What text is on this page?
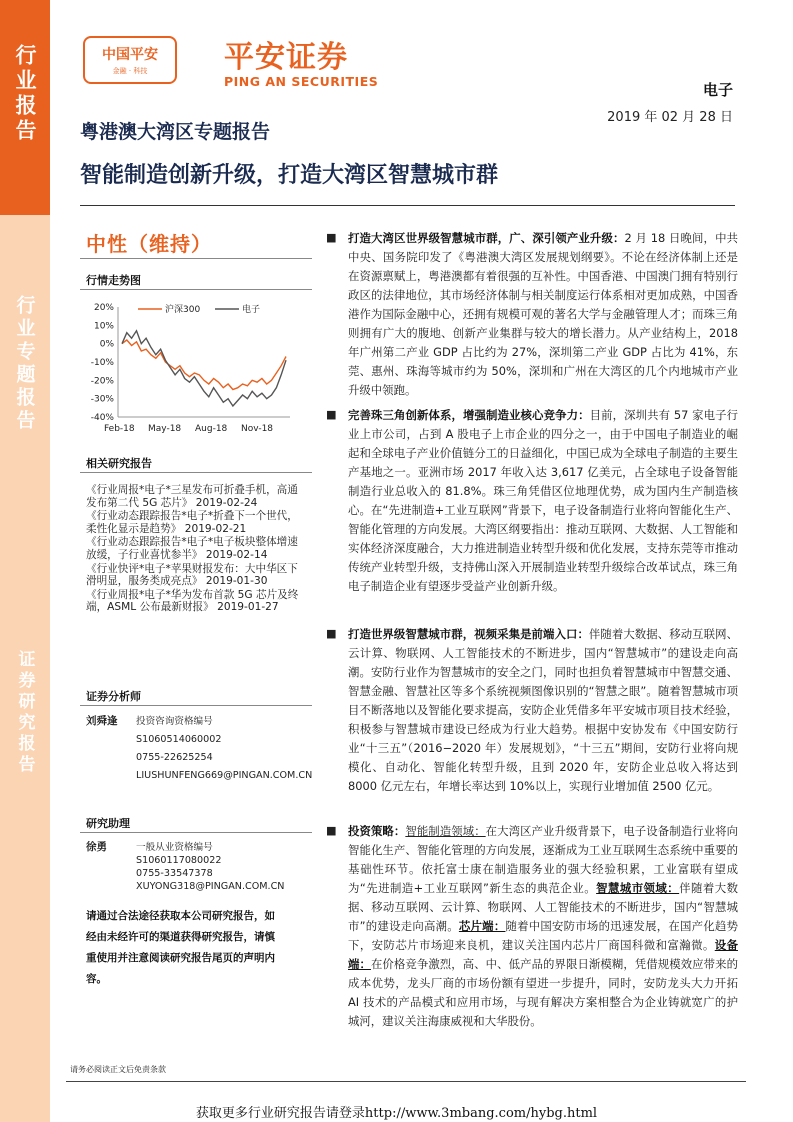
行业报告
行业专题报告
证券研究报告
中国平安
金融 · 科技	平安证券
PING AN SECURITIES	电子
2019 年 02 月 28 日
粤港澳大湾区专题报告
智能制造创新升级，打造大湾区智慧城市群
中性（维持）
行情走势图
20%
10%
0%
-10%
-20%
-30%
-40%
Feb-18 May-18 Aug-18 Nov-18
沪深300	电子
相关研究报告
《行业周报*电子*三星发布可折叠手机，高通发布第二代 5G 芯片》 2019-02-24
《行业动态跟踪报告*电子*折叠下一个世代，柔性化显示是趋势》 2019-02-21
《行业动态跟踪报告*电子*电子板块整体增速放缓，子行业喜忧参半》 2019-02-14
《行业快评*电子*苹果财报发布：大中华区下滑明显，服务类成亮点》 2019-01-30
《行业周报*电子*华为发布首款 5G 芯片及终端，ASML 公布最新财报》 2019-01-27
证券分析师
刘舜逢 投资咨询资格编号
S1060514060002
0755-22625254
LIUSHUNFENG669@PINGAN.COM.CN
研究助理
徐勇	一般从业资格编号
S1060117080022
0755-33547378
XUYONG318@PINGAN.COM.CN
请通过合法途径获取本公司研究报告，如经由未经许可的渠道获得研究报告，请慎重使用并注意阅读研究报告尾页的声明内容。
■ 打造大湾区世界级智慧城市群，广、深引领产业升级：2 月 18 日晚间，中共中央、国务院印发了《粤港澳大湾区发展规划纲要》。不论在经济体制上还是在资源禀赋上，粤港澳都有着很强的互补性。中国香港、中国澳门拥有特别行政区的法律地位，其市场经济体制与相关制度运行体系相对更加成熟，中国香港作为国际金融中心，还拥有规模可观的著名大学与金融管理人才；而珠三角则拥有广大的腹地、创新产业集群与较大的增长潜力。从产业结构上，2018 年广州第二产业 GDP 占比约为 27%，深圳第二产业 GDP 占比为 41%，东莞、惠州、珠海等城市约为 50%，深圳和广州在大湾区的几个内地城市产业升级中领跑。
■ 完善珠三角创新体系，增强制造业核心竞争力：目前，深圳共有 57 家电子行业上市公司，占到 A 股电子上市企业的四分之一，由于中国电子制造业的崛起和全球电子产业价值链分工的日益细化，中国已成为全球电子制造的主要生产基地之一。亚洲市场 2017 年收入达 3,617 亿美元，占全球电子设备智能制造行业总收入的 81.8%。珠三角凭借区位地理优势，成为国内生产制造核心。在“先进制造+工业互联网”背景下，电子设备制造行业将向智能化生产、智能化管理的方向发展。大湾区纲要指出：推动互联网、大数据、人工智能和实体经济深度融合，大力推进制造业转型升级和优化发展，支持东莞等市推动传统产业转型升级，支持佛山深入开展制造业转型升级综合改革试点，珠三角电子制造企业有望逐步受益产业创新升级。
■ 打造世界级智慧城市群，视频采集是前端入口：伴随着大数据、移动互联网、云计算、物联网、人工智能技术的不断进步，国内“智慧城市”的建设走向高潮。安防行业作为智慧城市的安全之门，同时也担负着智慧城市中智慧交通、智慧金融、智慧社区等多个系统视频图像识别的“智慧之眼”。随着智慧城市项目不断落地以及智能化要求提高，安防企业凭借多年平安城市项目技术经验，积极参与智慧城市建设已经成为行业大趋势。根据中安协发布《中国安防行业“十三五”（2016−2020 年）发展规划》，“十三五”期间，安防行业将向规模化、自动化、智能化转型升级，且到 2020 年，安防企业总收入将达到 8000 亿元左右，年增长率达到 10%以上，实现行业增加值 2500 亿元。
■ 投资策略：智能制造领域：在大湾区产业升级背景下，电子设备制造行业将向智能化生产、智能化管理的方向发展，逐渐成为工业互联网生态系统中重要的基础性环节。依托富士康在制造服务业的强大经验积累，工业富联有望成为“先进制造+工业互联网”新生态的典范企业。智慧城市领域：伴随着大数据、移动互联网、云计算、物联网、人工智能技术的不断进步，国内“智慧城市”的建设走向高潮。芯片端：随着中国安防市场的迅速发展，在国产化趋势下，安防芯片市场迎来良机，建议关注国内芯片厂商国科微和富瀚微。设备端：在价格竞争激烈，高、中、低产品的界限日渐模糊，凭借规模效应带来的成本优势，龙头厂商的市场份额有望进一步提升，同时，安防龙头大力开拓 AI 技术的产品模式和应用市场，与现有解决方案相整合为企业铸就宽广的护城河，建议关注海康威视和大华股份。
请务必阅读正文后免责条款
获取更多行业研究报告请登录http://www.3mbang.com/hybg.html
